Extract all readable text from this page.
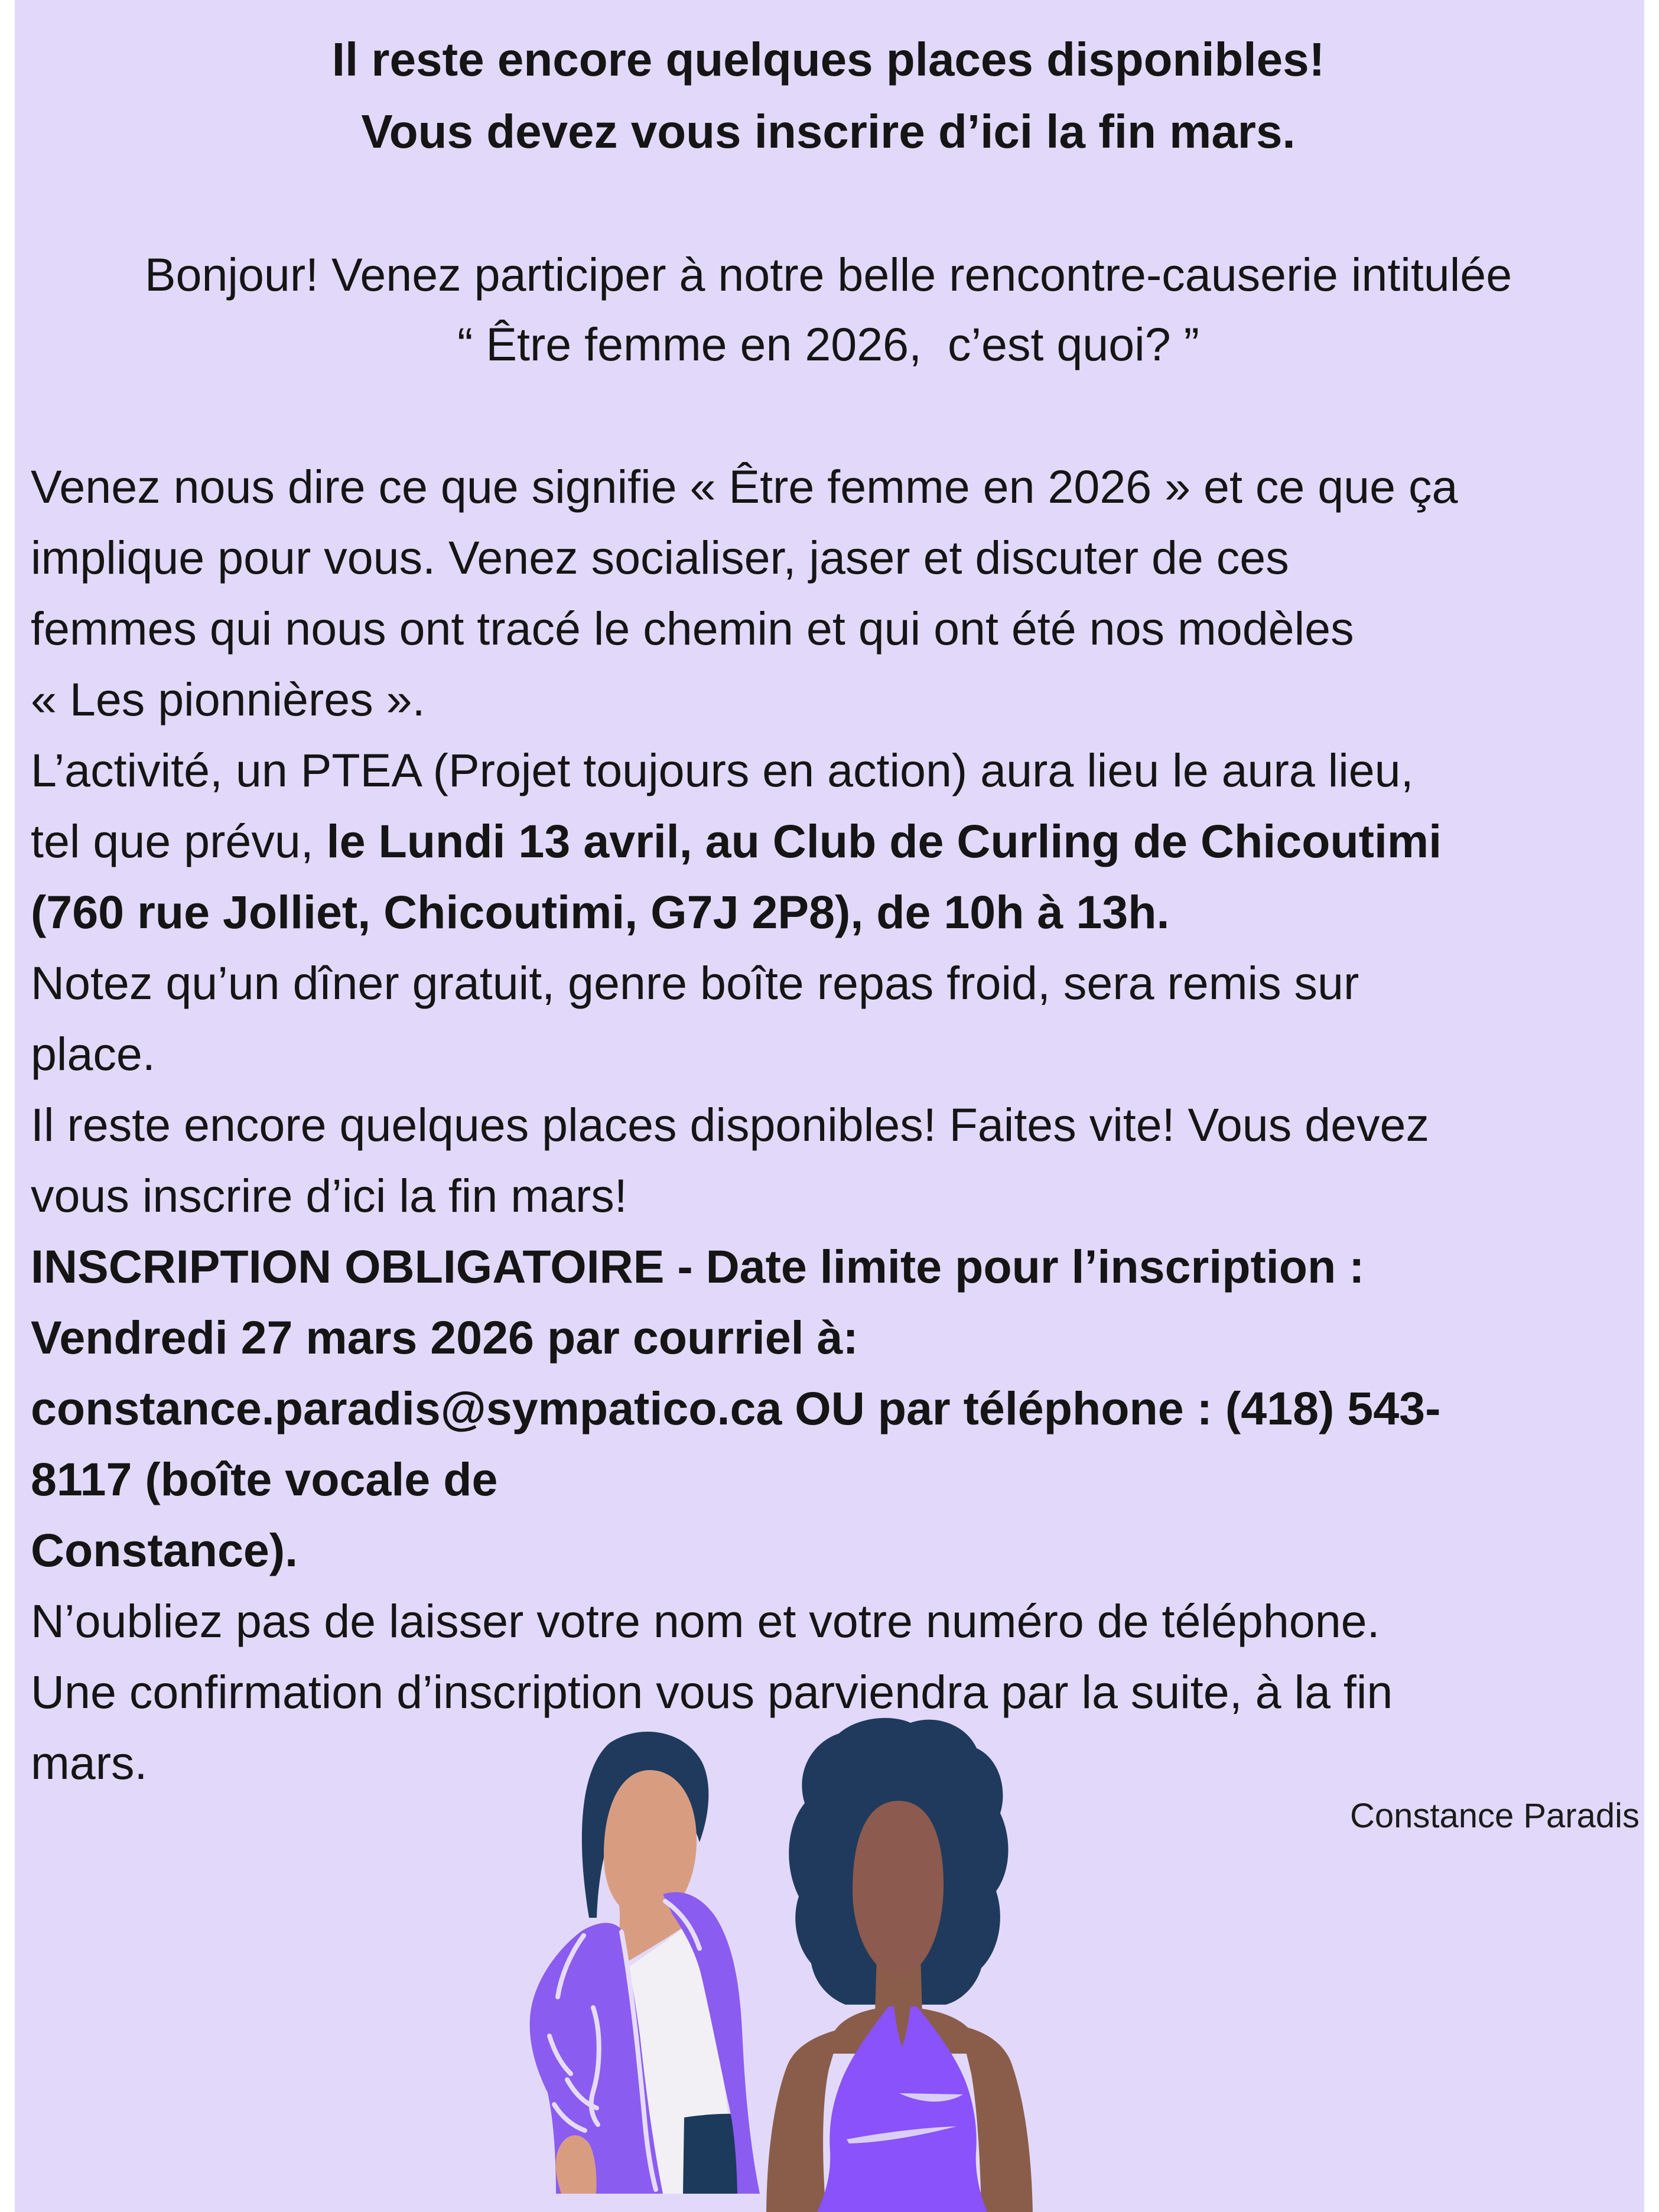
Il reste encore quelques places disponibles!
Vous devez vous inscrire d’ici la fin mars.
Bonjour! Venez participer à notre belle rencontre-causerie intitulée
“ Être femme en 2026,  c’est quoi? ”
Venez nous dire ce que signifie « Être femme en 2026 » et ce que ça
implique pour vous. Venez socialiser, jaser et discuter de ces
femmes qui nous ont tracé le chemin et qui ont été nos modèles
« Les pionnières ».
L’activité, un PTEA (Projet toujours en action) aura lieu le aura lieu,
tel que prévu, le Lundi 13 avril, au Club de Curling de Chicoutimi
(760 rue Jolliet, Chicoutimi, G7J 2P8), de 10h à 13h.
Notez qu’un dîner gratuit, genre boîte repas froid, sera remis sur
place.
Il reste encore quelques places disponibles! Faites vite! Vous devez
vous inscrire d’ici la fin mars!
INSCRIPTION OBLIGATOIRE - Date limite pour l’inscription :
Vendredi 27 mars 2026 par courriel à:
constance.paradis@sympatico.ca OU par téléphone : (418) 543-
8117 (boîte vocale de
Constance).
N’oubliez pas de laisser votre nom et votre numéro de téléphone.
Une confirmation d’inscription vous parviendra par la suite, à la fin
mars.
Constance Paradis
